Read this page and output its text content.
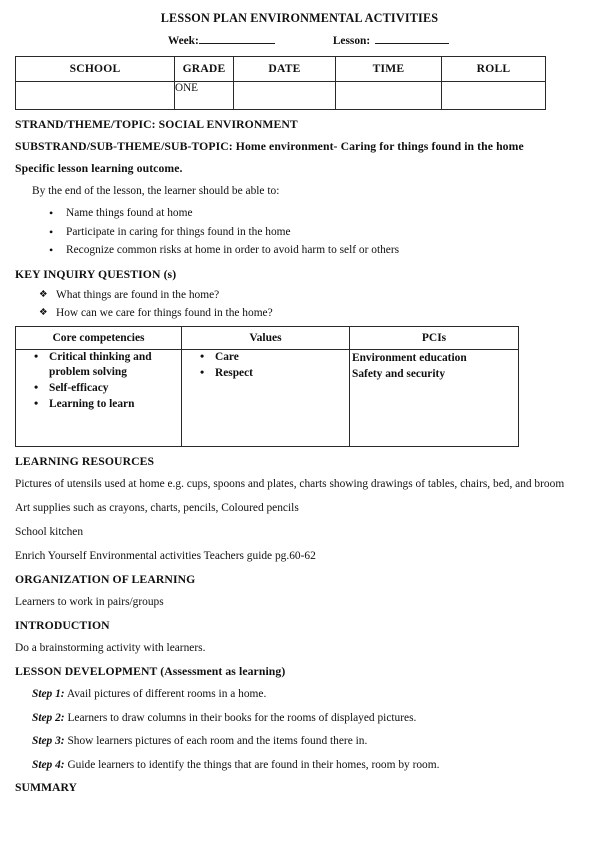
LESSON PLAN ENVIRONMENTAL ACTIVITIES
Week:	Lesson:
SCHOOL	GRADE	DATE	TIME	ROLL
	ONE			
STRAND/THEME/TOPIC: SOCIAL ENVIRONMENT
SUBSTRAND/SUB-THEME/SUB-TOPIC: Home environment- Caring for things found in the home
Specific lesson learning outcome.
By the end of the lesson, the learner should be able to:
• Name things found at home
• Participate in caring for things found in the home
• Recognize common risks at home in order to avoid harm to self or others
KEY INQUIRY QUESTION (s)
❖ What things are found in the home?
❖ How can we care for things found in the home?
Core competencies	Values	PCIs

• Critical thinking and problem solving
• Self-efficacy
• Learning to learn

• Care
• Respect

Environment education
Safety and security
LEARNING RESOURCES
Pictures of utensils used at home e.g. cups, spoons and plates, charts showing drawings of tables, chairs, bed, and broom
Art supplies such as crayons, charts, pencils, Coloured pencils
School kitchen
Enrich Yourself Environmental activities Teachers guide pg.60-62
ORGANIZATION OF LEARNING
Learners to work in pairs/groups
INTRODUCTION
Do a brainstorming activity with learners.
LESSON DEVELOPMENT (Assessment as learning)
Step 1: Avail pictures of different rooms in a home.
Step 2: Learners to draw columns in their books for the rooms of displayed pictures.
Step 3: Show learners pictures of each room and the items found there in.
Step 4: Guide learners to identify the things that are found in their homes, room by room.
SUMMARY
